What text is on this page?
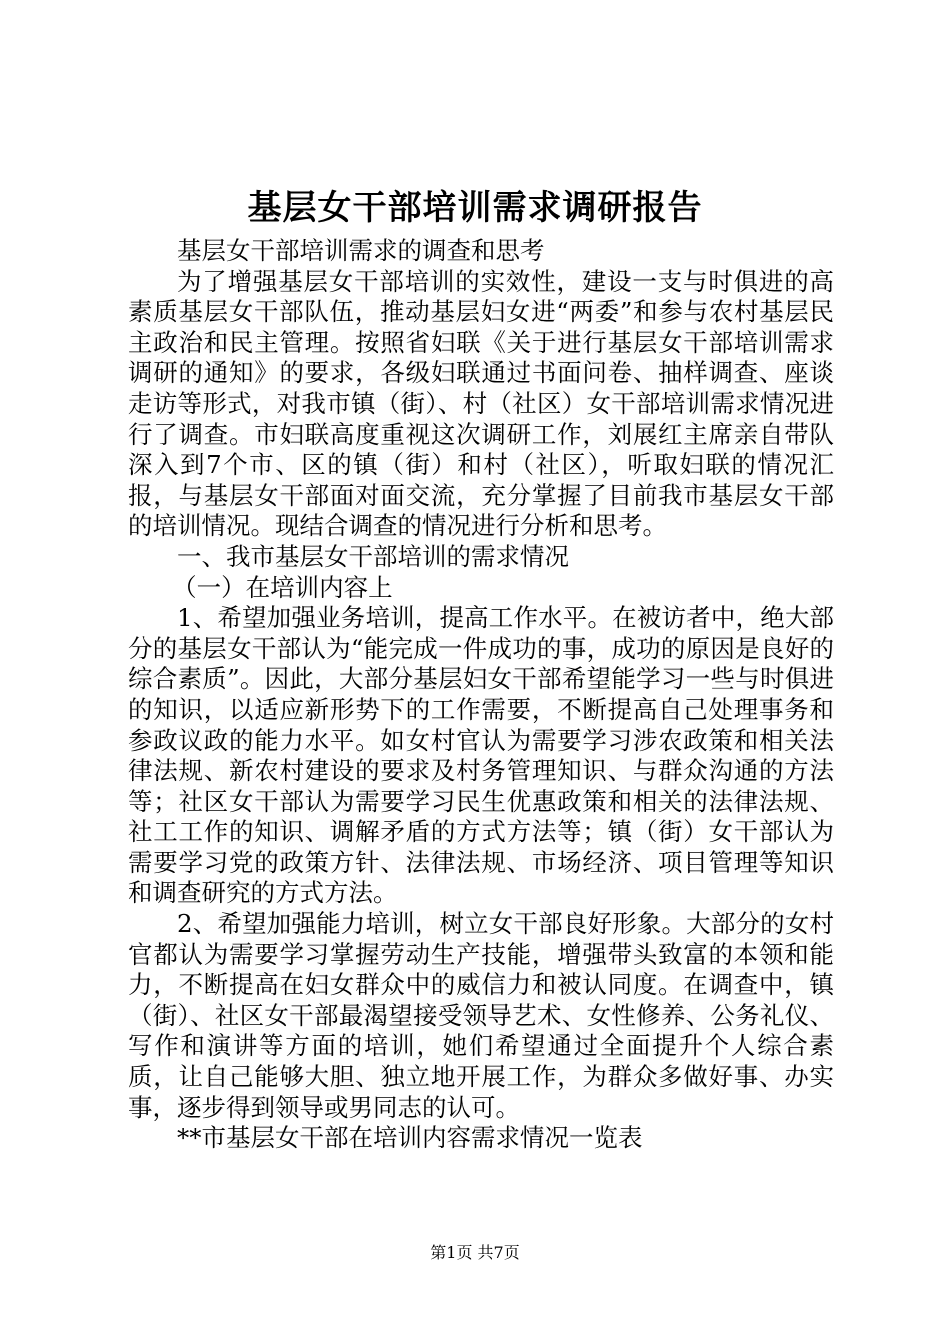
基层女干部培训需求调研报告

基层女干部培训需求的调查和思考

为了增强基层女干部培训的实效性，建设一支与时俱进的高素质基层女干部队伍，推动基层妇女进“两委”和参与农村基层民主政治和民主管理。按照省妇联《关于进行基层女干部培训需求调研的通知》的要求，各级妇联通过书面问卷、抽样调查、座谈走访等形式，对我市镇（街）、村（社区）女干部培训需求情况进行了调查。市妇联高度重视这次调研工作，刘展红主席亲自带队深入到7个市、区的镇（街）和村（社区），听取妇联的情况汇报，与基层女干部面对面交流，充分掌握了目前我市基层女干部的培训情况。现结合调查的情况进行分析和思考。

一、我市基层女干部培训的需求情况

（一）在培训内容上

1、希望加强业务培训，提高工作水平。在被访者中，绝大部分的基层女干部认为“能完成一件成功的事，成功的原因是良好的综合素质”。因此，大部分基层妇女干部希望能学习一些与时俱进的知识，以适应新形势下的工作需要，不断提高自己处理事务和参政议政的能力水平。如女村官认为需要学习涉农政策和相关法律法规、新农村建设的要求及村务管理知识、与群众沟通的方法等；社区女干部认为需要学习民生优惠政策和相关的法律法规、社工工作的知识、调解矛盾的方式方法等；镇（街）女干部认为需要学习党的政策方针、法律法规、市场经济、项目管理等知识和调查研究的方式方法。

2、希望加强能力培训，树立女干部良好形象。大部分的女村官都认为需要学习掌握劳动生产技能，增强带头致富的本领和能力，不断提高在妇女群众中的威信力和被认同度。在调查中，镇（街）、社区女干部最渴望接受领导艺术、女性修养、公务礼仪、写作和演讲等方面的培训，她们希望通过全面提升个人综合素质，让自己能够大胆、独立地开展工作，为群众多做好事、办实事，逐步得到领导或男同志的认可。

**市基层女干部在培训内容需求情况一览表

第1页 共7页
